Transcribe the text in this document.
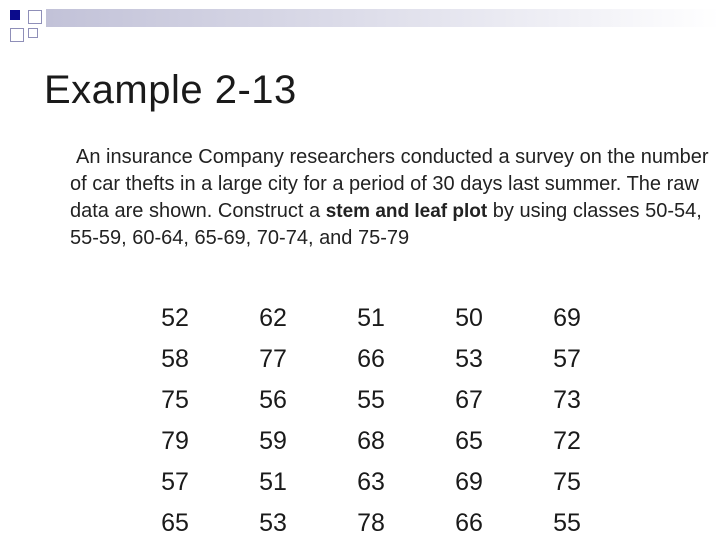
Example 2-13
An insurance Company researchers conducted a survey on the number of car thefts in a large city for a period of 30 days last summer. The raw data are shown. Construct a stem and leaf plot by using classes 50-54, 55-59, 60-64, 65-69, 70-74, and 75-79
52	62	51	50	69
58	77	66	53	57
75	56	55	67	73
79	59	68	65	72
57	51	63	69	75
65	53	78	66	55
